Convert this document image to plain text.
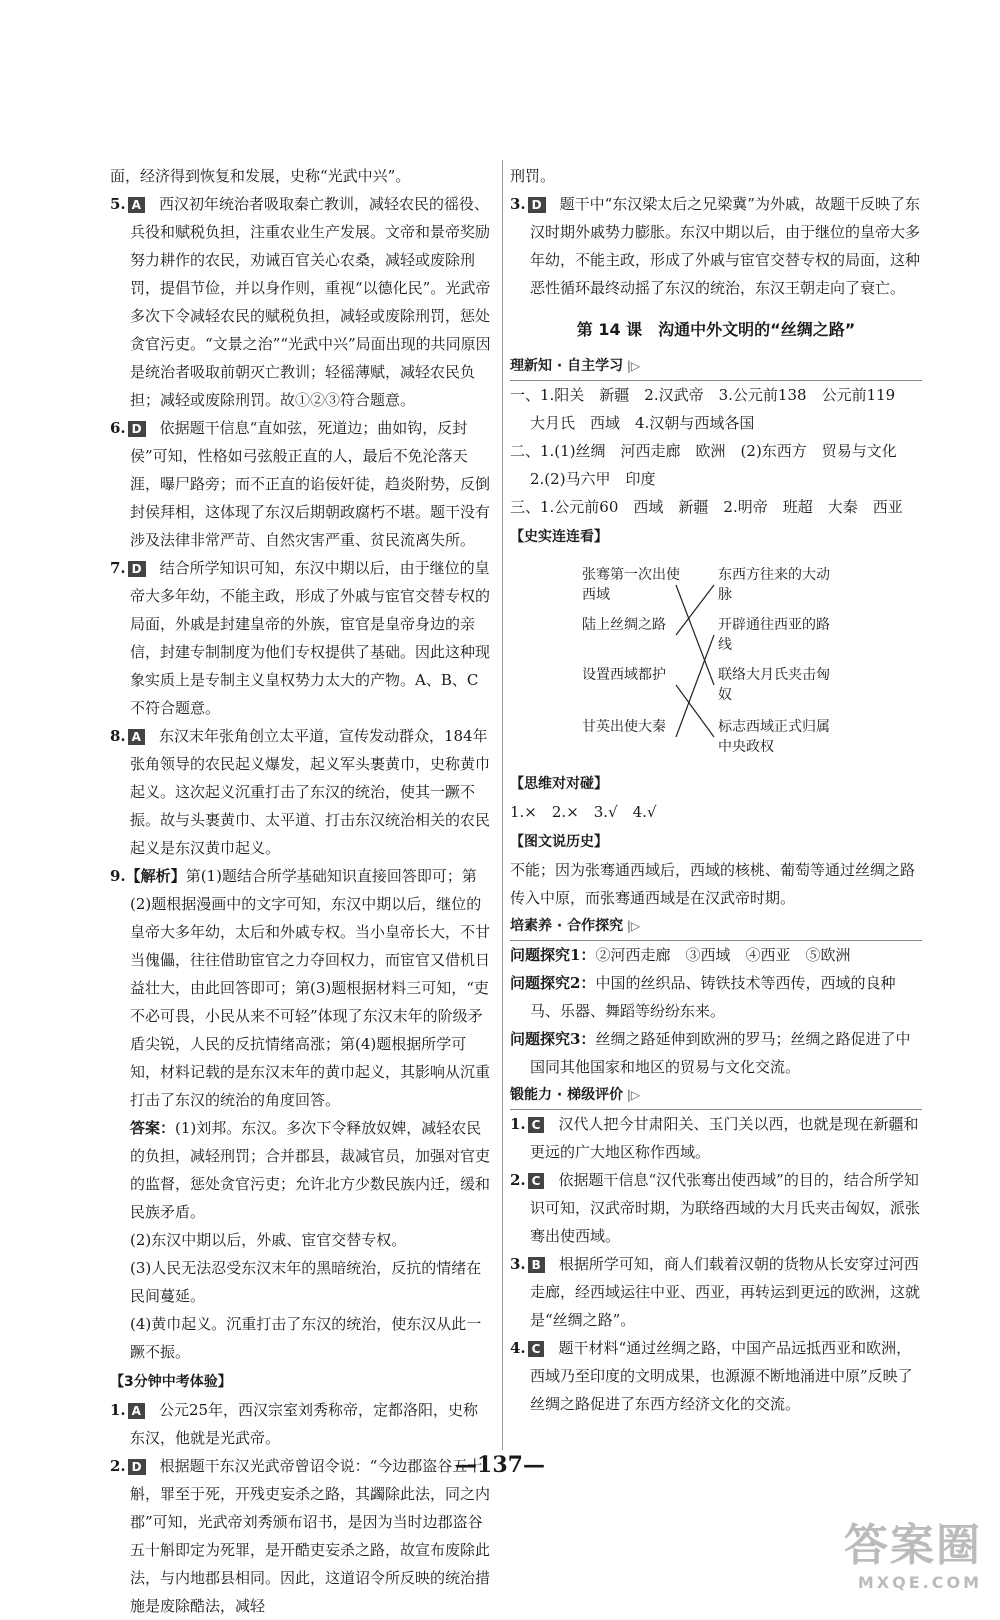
面，经济得到恢复和发展，史称“光武中兴”。

5. A 西汉初年统治者吸取秦亡教训，减轻农民的徭役、兵役和赋税负担，注重农业生产发展。文帝和景帝奖励努力耕作的农民，劝诫百官关心农桑，减轻或废除刑罚，提倡节俭，并以身作则，重视“以德化民”。光武帝多次下令减轻农民的赋税负担，减轻或废除刑罚，惩处贪官污吏。“文景之治”“光武中兴”局面出现的共同原因是统治者吸取前朝灭亡教训；轻徭薄赋，减轻农民负担；减轻或废除刑罚。故①②③符合题意。

6. D 依据题干信息“直如弦，死道边；曲如钩，反封侯”可知，性格如弓弦般正直的人，最后不免沦落天涯，曝尸路旁；而不正直的谄佞奸徒，趋炎附势，反倒封侯拜相，这体现了东汉后期朝政腐朽不堪。题干没有涉及法律非常严苛、自然灾害严重、贫民流离失所。

7. D 结合所学知识可知，东汉中期以后，由于继位的皇帝大多年幼，不能主政，形成了外戚与宦官交替专权的局面，外戚是封建皇帝的外族，宦官是皇帝身边的亲信，封建专制制度为他们专权提供了基础。因此这种现象实质上是专制主义皇权势力太大的产物。A、B、C不符合题意。

8. A 东汉末年张角创立太平道，宣传发动群众，184年张角领导的农民起义爆发，起义军头裹黄巾，史称黄巾起义。这次起义沉重打击了东汉的统治，使其一蹶不振。故与头裹黄巾、太平道、打击东汉统治相关的农民起义是东汉黄巾起义。

9.【解析】第(1)题结合所学基础知识直接回答即可；第(2)题根据漫画中的文字可知，东汉中期以后，继位的皇帝大多年幼，太后和外戚专权。当小皇帝长大，不甘当傀儡，往往借助宦官之力夺回权力，而宦官又借机日益壮大，由此回答即可；第(3)题根据材料三可知，“吏不必可畏，小民从来不可轻”体现了东汉末年的阶级矛盾尖锐，人民的反抗情绪高涨；第(4)题根据所学可知，材料记载的是东汉末年的黄巾起义，其影响从沉重打击了东汉的统治的角度回答。

答案：(1)刘邦。东汉。多次下令释放奴婢，减轻农民的负担，减轻刑罚；合并郡县，裁减官员，加强对官吏的监督，惩处贪官污吏；允许北方少数民族内迁，缓和民族矛盾。

(2)东汉中期以后，外戚、宦官交替专权。

(3)人民无法忍受东汉末年的黑暗统治，反抗的情绪在民间蔓延。

(4)黄巾起义。沉重打击了东汉的统治，使东汉从此一蹶不振。

【3分钟中考体验】

1. A 公元25年，西汉宗室刘秀称帝，定都洛阳，史称东汉，他就是光武帝。

2. D 根据题干东汉光武帝曾诏令说：“今边郡盗谷五十斛，罪至于死，开残吏妄杀之路，其蠲除此法，同之内郡”可知，光武帝刘秀颁布诏书，是因为当时边郡盗谷五十斛即定为死罪，是开酷吏妄杀之路，故宣布废除此法，与内地郡县相同。因此，这道诏令所反映的统治措施是废除酷法，减轻

刑罚。

3. D 题干中“东汉梁太后之兄梁冀”为外戚，故题干反映了东汉时期外戚势力膨胀。东汉中期以后，由于继位的皇帝大多年幼，不能主政，形成了外戚与宦官交替专权的局面，这种恶性循环最终动摇了东汉的统治，东汉王朝走向了衰亡。

第 14 课　沟通中外文明的“丝绸之路”
理新知 · 自主学习 |▷

一、1.阳关　新疆　2.汉武帝　3.公元前138　公元前119　大月氏　西域　4.汉朝与西域各国

二、1.(1)丝绸　河西走廊　欧洲　(2)东西方　贸易与文化　2.(2)马六甲　印度

三、1.公元前60　西域　新疆　2.明帝　班超　大秦　西亚

【史实连连看】
张骞第一次出使西域
陆上丝绸之路
设置西域都护
甘英出使大秦
东西方往来的大动脉
开辟通往西亚的路线
联络大月氏夹击匈奴
标志西域正式归属中央政权
【思维对对碰】

1.×　2.×　3.√　4.√

【图文说历史】

不能；因为张骞通西域后，西域的核桃、葡萄等通过丝绸之路传入中原，而张骞通西域是在汉武帝时期。

培素养 · 合作探究 |▷

问题探究1：②河西走廊　③西域　④西亚　⑤欧洲

问题探究2：中国的丝织品、铸铁技术等西传，西域的良种马、乐器、舞蹈等纷纷东来。

问题探究3：丝绸之路延伸到欧洲的罗马；丝绸之路促进了中国同其他国家和地区的贸易与文化交流。

锻能力 · 梯级评价 |▷

1. C 汉代人把今甘肃阳关、玉门关以西，也就是现在新疆和更远的广大地区称作西域。

2. C 依据题干信息“汉代张骞出使西域”的目的，结合所学知识可知，汉武帝时期，为联络西域的大月氏夹击匈奴，派张骞出使西域。

3. B 根据所学可知，商人们载着汉朝的货物从长安穿过河西走廊，经西域运往中亚、西亚，再转运到更远的欧洲，这就是“丝绸之路”。

4. C 题干材料“通过丝绸之路，中国产品远抵西亚和欧洲，西域乃至印度的文明成果，也源源不断地涌进中原”反映了丝绸之路促进了东西方经济文化的交流。

—137—
答案圈
MXQE.COM
